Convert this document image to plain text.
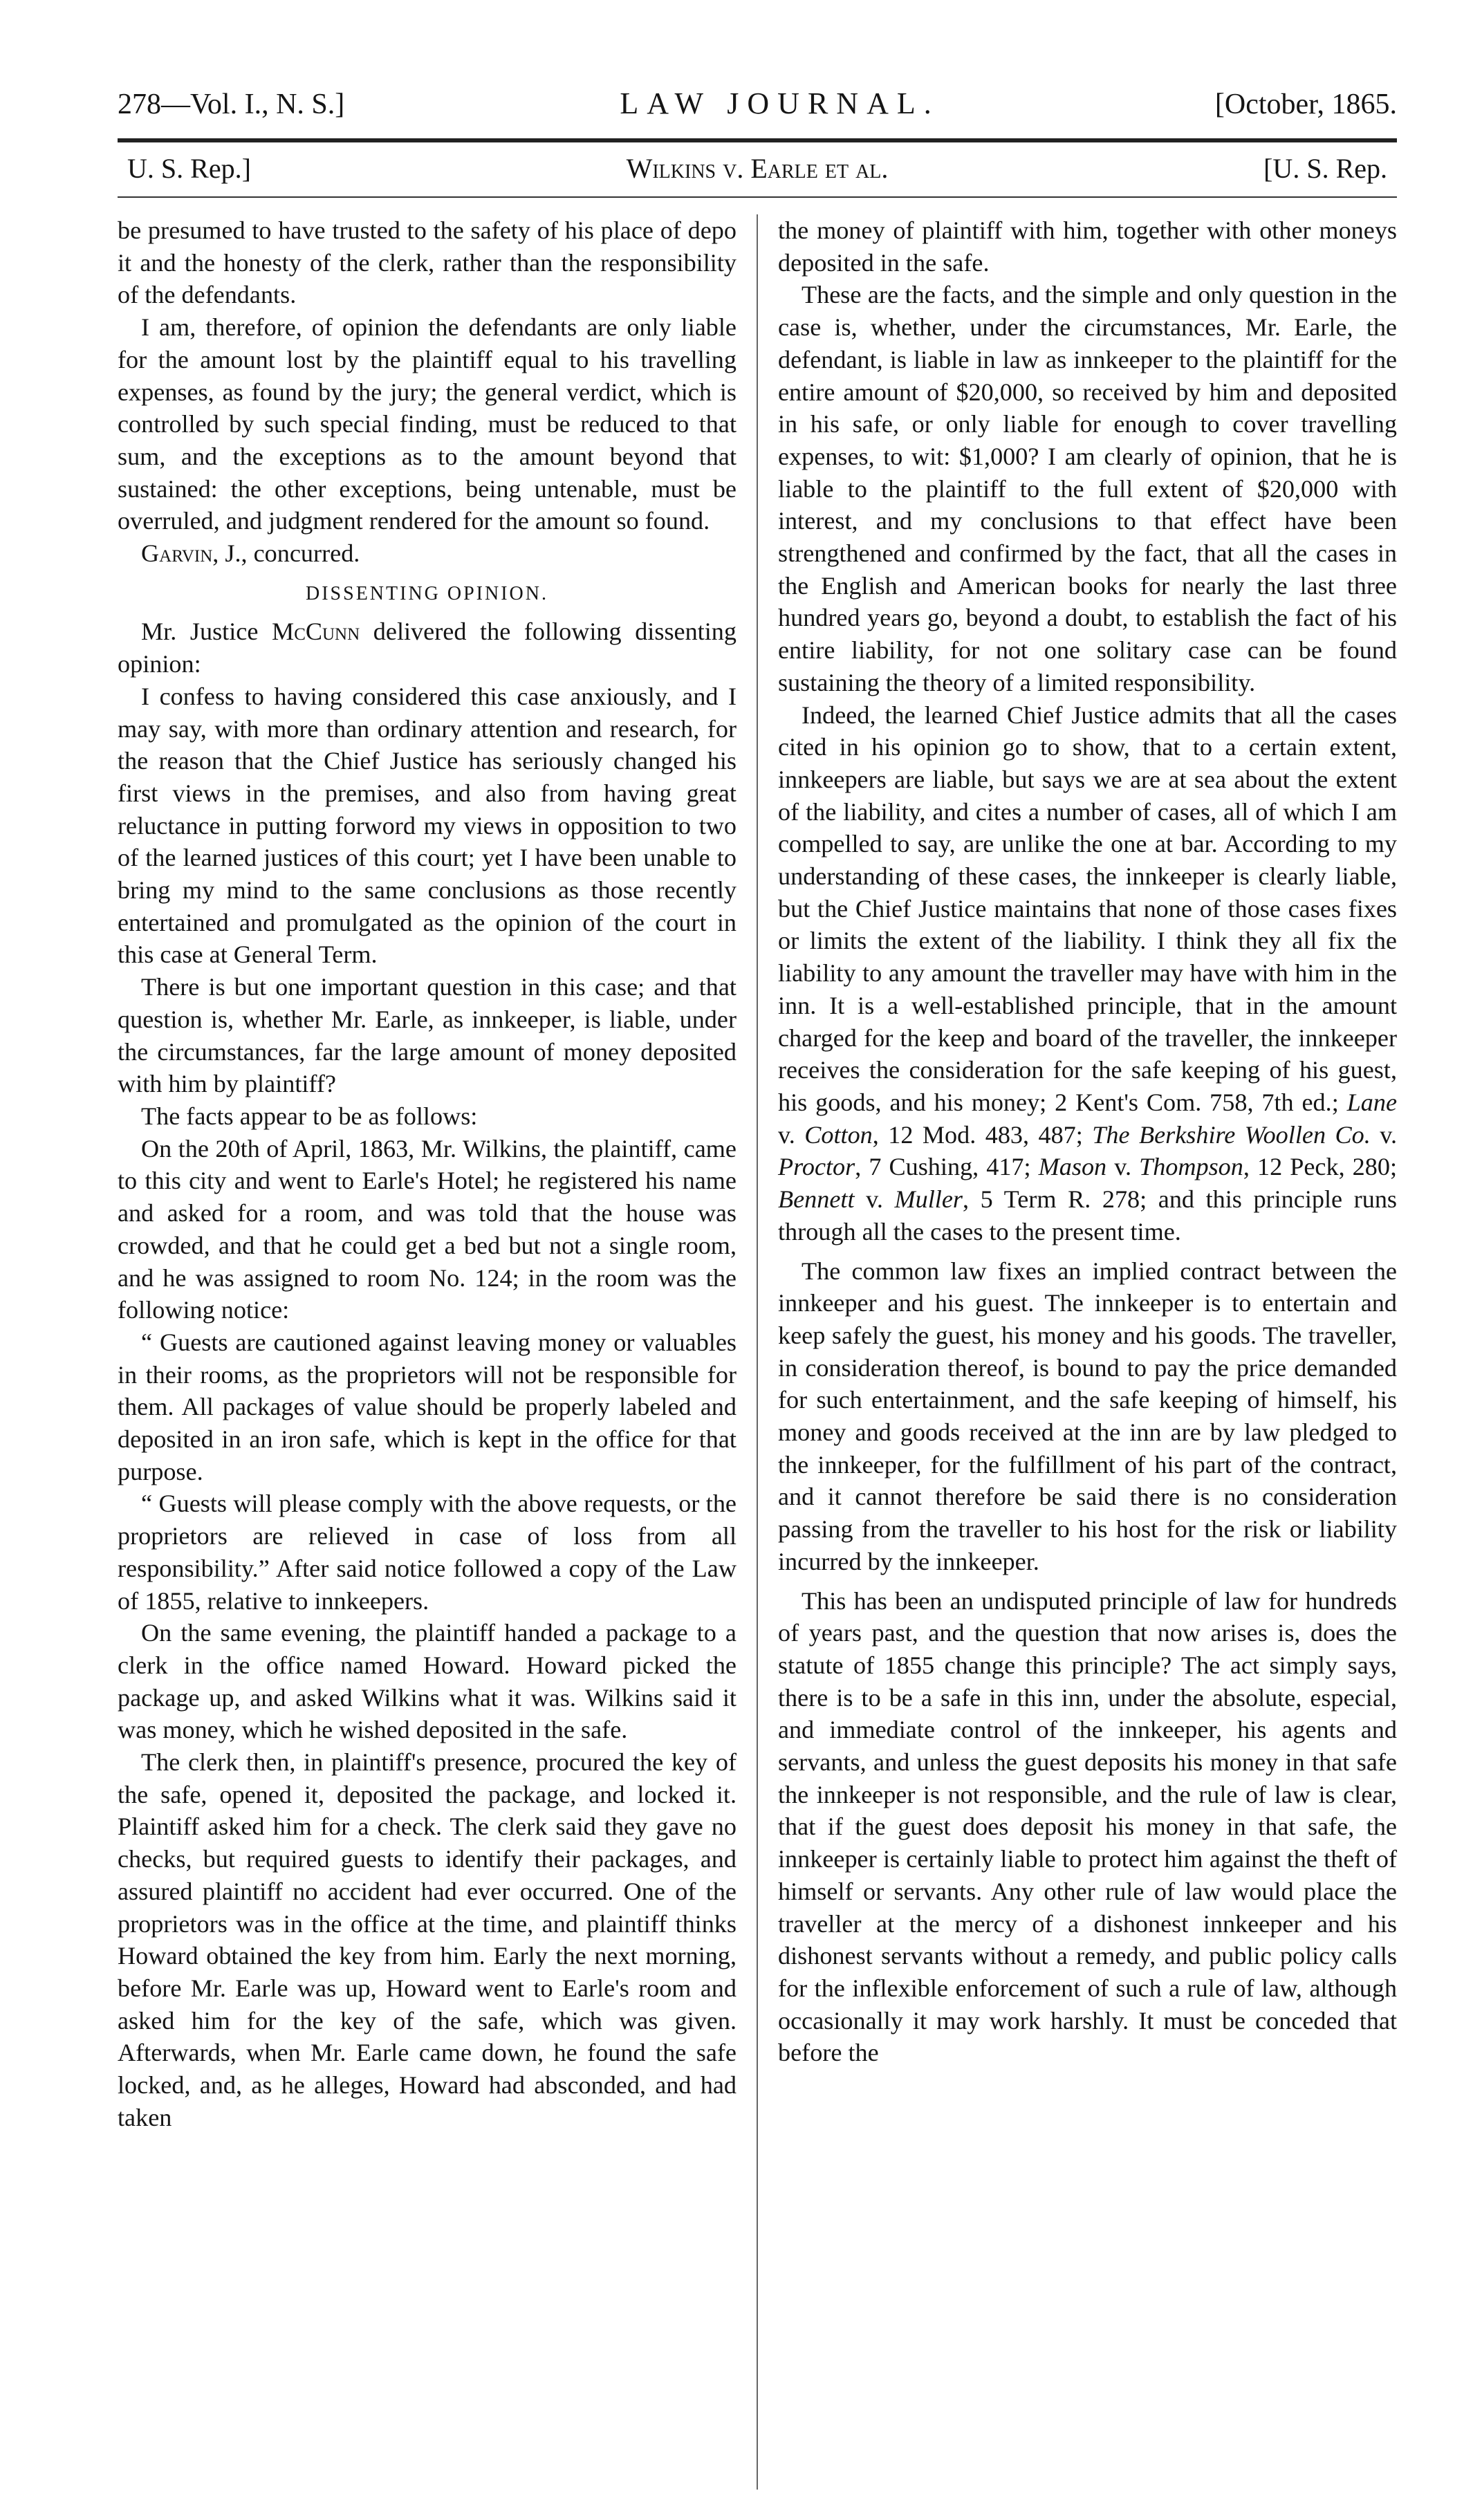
278—Vol. I., N. S.]	LAW JOURNAL.	[October, 1865.
U. S. Rep.]	Wilkins v. Earle et al.	[U. S. Rep.

be presumed to have trusted to the safety of his place of depo it and the honesty of the clerk, rather than the responsibility of the defendants.

I am, therefore, of opinion the defendants are only liable for the amount lost by the plaintiff equal to his travelling expenses, as found by the jury; the general verdict, which is controlled by such special finding, must be reduced to that sum, and the exceptions as to the amount beyond that sustained: the other exceptions, being untenable, must be overruled, and judgment rendered for the amount so found.

Garvin, J., concurred.

DISSENTING OPINION.

Mr. Justice McCunn delivered the following dissenting opinion:

I confess to having considered this case anxiously, and I may say, with more than ordinary attention and research, for the reason that the Chief Justice has seriously changed his first views in the premises, and also from having great reluctance in putting forword my views in opposition to two of the learned justices of this court; yet I have been unable to bring my mind to the same conclusions as those recently entertained and promulgated as the opinion of the court in this case at General Term.

There is but one important question in this case; and that question is, whether Mr. Earle, as innkeeper, is liable, under the circumstances, far the large amount of money deposited with him by plaintiff?

The facts appear to be as follows:

On the 20th of April, 1863, Mr. Wilkins, the plaintiff, came to this city and went to Earle's Hotel; he registered his name and asked for a room, and was told that the house was crowded, and that he could get a bed but not a single room, and he was assigned to room No. 124; in the room was the following notice:

“ Guests are cautioned against leaving money or valuables in their rooms, as the proprietors will not be responsible for them. All packages of value should be properly labeled and deposited in an iron safe, which is kept in the office for that purpose.

“ Guests will please comply with the above requests, or the proprietors are relieved in case of loss from all responsibility.” After said notice followed a copy of the Law of 1855, relative to innkeepers.

On the same evening, the plaintiff handed a package to a clerk in the office named Howard. Howard picked the package up, and asked Wilkins what it was. Wilkins said it was money, which he wished deposited in the safe.

The clerk then, in plaintiff's presence, procured the key of the safe, opened it, deposited the package, and locked it. Plaintiff asked him for a check. The clerk said they gave no checks, but required guests to identify their packages, and assured plaintiff no accident had ever occurred. One of the proprietors was in the office at the time, and plaintiff thinks Howard obtained the key from him. Early the next morning, before Mr. Earle was up, Howard went to Earle's room and asked him for the key of the safe, which was given. Afterwards, when Mr. Earle came down, he found the safe locked, and, as he alleges, Howard had absconded, and had taken

the money of plaintiff with him, together with other moneys deposited in the safe.

These are the facts, and the simple and only question in the case is, whether, under the circumstances, Mr. Earle, the defendant, is liable in law as innkeeper to the plaintiff for the entire amount of $20,000, so received by him and deposited in his safe, or only liable for enough to cover travelling expenses, to wit: $1,000? I am clearly of opinion, that he is liable to the plaintiff to the full extent of $20,000 with interest, and my conclusions to that effect have been strengthened and confirmed by the fact, that all the cases in the English and American books for nearly the last three hundred years go, beyond a doubt, to establish the fact of his entire liability, for not one solitary case can be found sustaining the theory of a limited responsibility.

Indeed, the learned Chief Justice admits that all the cases cited in his opinion go to show, that to a certain extent, innkeepers are liable, but says we are at sea about the extent of the liability, and cites a number of cases, all of which I am compelled to say, are unlike the one at bar. According to my understanding of these cases, the innkeeper is clearly liable, but the Chief Justice maintains that none of those cases fixes or limits the extent of the liability. I think they all fix the liability to any amount the traveller may have with him in the inn. It is a well-established principle, that in the amount charged for the keep and board of the traveller, the innkeeper receives the consideration for the safe keeping of his guest, his goods, and his money; 2 Kent's Com. 758, 7th ed.; Lane v. Cotton, 12 Mod. 483, 487; The Berkshire Woollen Co. v. Proctor, 7 Cushing, 417; Mason v. Thompson, 12 Peck, 280; Bennett v. Muller, 5 Term R. 278; and this principle runs through all the cases to the present time.

The common law fixes an implied contract between the innkeeper and his guest. The innkeeper is to entertain and keep safely the guest, his money and his goods. The traveller, in consideration thereof, is bound to pay the price demanded for such entertainment, and the safe keeping of himself, his money and goods received at the inn are by law pledged to the innkeeper, for the fulfillment of his part of the contract, and it cannot therefore be said there is no consideration passing from the traveller to his host for the risk or liability incurred by the innkeeper.

This has been an undisputed principle of law for hundreds of years past, and the question that now arises is, does the statute of 1855 change this principle? The act simply says, there is to be a safe in this inn, under the absolute, especial, and immediate control of the innkeeper, his agents and servants, and unless the guest deposits his money in that safe the innkeeper is not responsible, and the rule of law is clear, that if the guest does deposit his money in that safe, the innkeeper is certainly liable to protect him against the theft of himself or servants. Any other rule of law would place the traveller at the mercy of a dishonest innkeeper and his dishonest servants without a remedy, and public policy calls for the inflexible enforcement of such a rule of law, although occasionally it may work harshly. It must be conceded that before the
